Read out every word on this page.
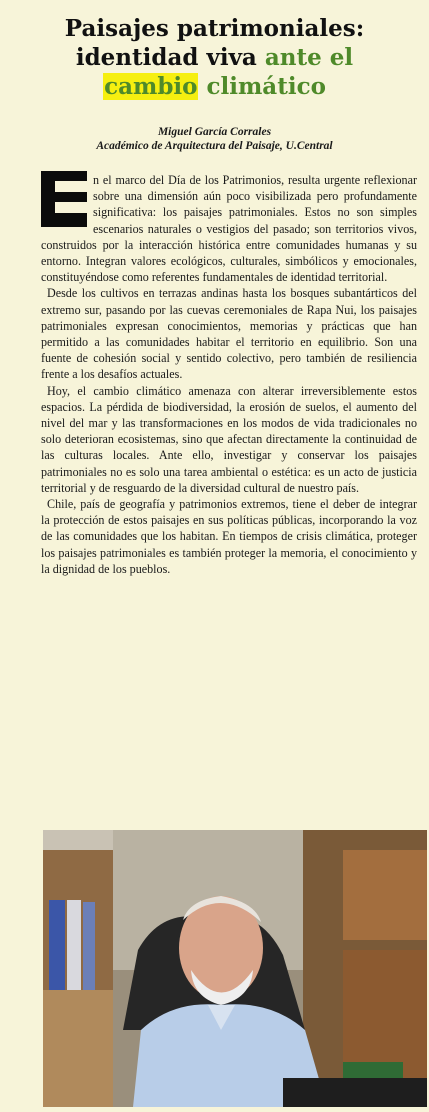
Paisajes patrimoniales:
identidad viva ante el
cambio climático
Miguel García Corrales
Académico de Arquitectura del Paisaje, U.Central

n el marco del Día de los Patrimonios, resulta urgente reflexionar sobre una dimensión aún poco visibilizada pero profundamente significativa: los paisajes patrimoniales. Estos no son simples escenarios naturales o vestigios del pasado; son territorios vivos, construidos por la interacción histórica entre comunidades humanas y su entorno. Integran valores ecológicos, culturales, simbólicos y emocionales, constituyéndose como referentes fundamentales de identidad territorial.

Desde los cultivos en terrazas andinas hasta los bosques subantárticos del extremo sur, pasando por las cuevas ceremoniales de Rapa Nui, los paisajes patrimoniales expresan conocimientos, memorias y prácticas que han permitido a las comunidades habitar el territorio en equilibrio. Son una fuente de cohesión social y sentido colectivo, pero también de resiliencia frente a los desafíos actuales.

Hoy, el cambio climático amenaza con alterar irreversiblemente estos espacios. La pérdida de biodiversidad, la erosión de suelos, el aumento del nivel del mar y las transformaciones en los modos de vida tradicionales no solo deterioran ecosistemas, sino que afectan directamente la continuidad de las culturas locales. Ante ello, investigar y conservar los paisajes patrimoniales no es solo una tarea ambiental o estética: es un acto de justicia territorial y de resguardo de la diversidad cultural de nuestro país.

Chile, país de geografía y patrimonios extremos, tiene el deber de integrar la protección de estos paisajes en sus políticas públicas, incorporando la voz de las comunidades que los habitan. En tiempos de crisis climática, proteger los paisajes patrimoniales es también proteger la memoria, el conocimiento y la dignidad de los pueblos.
